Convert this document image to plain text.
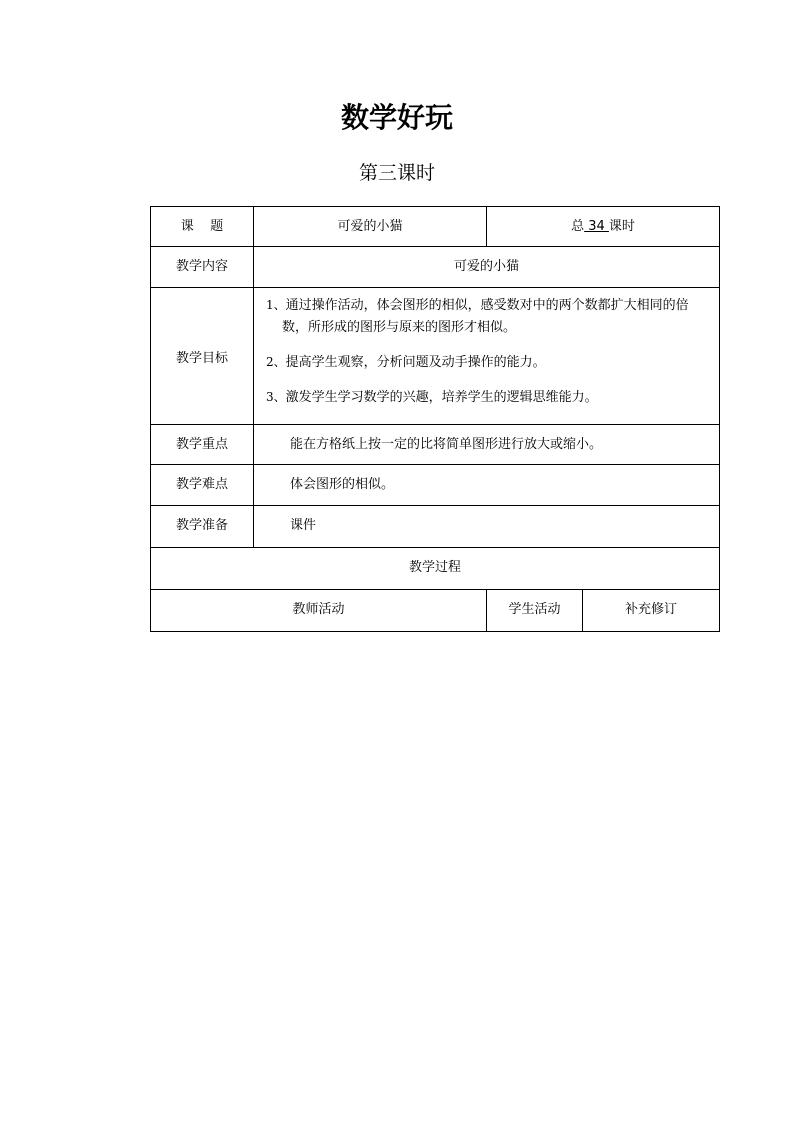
数学好玩
第三课时
课    题	可爱的小猫	总 34 课时	
教学内容	可爱的小猫		
教学目标	1、通过操作活动，体会图形的相似，感受数对中的两个数都扩大相同的倍数，所形成的图形与原来的图形才相似。
2、提高学生观察，分析问题及动手操作的能力。
3、激发学生学习数学的兴趣，培养学生的逻辑思维能力。		

教学重点	能在方格纸上按一定的比将简单图形进行放大或缩小。		
教学难点	体会图形的相似。		
教学准备	课件		
教学过程			
教师活动		学生活动	补充修订
